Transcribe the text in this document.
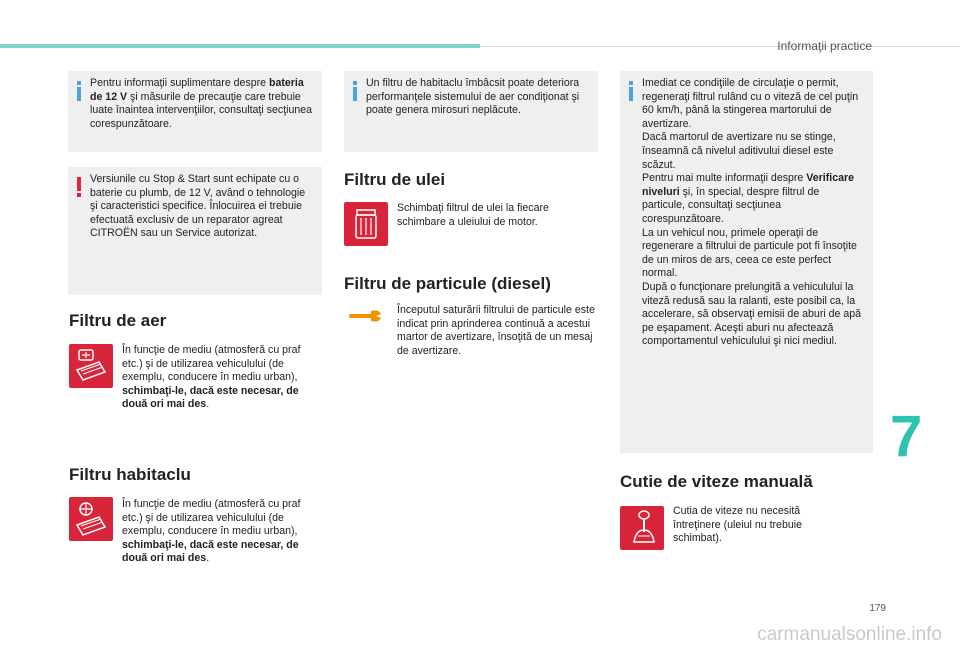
Informaţii practice
Pentru informaţii suplimentare despre bateria de 12 V şi măsurile de precauţie care trebuie luate înaintea intervenţiilor, consultaţi secţiunea corespunzătoare.
Versiunile cu Stop & Start sunt echipate cu o baterie cu plumb, de 12 V, având o tehnologie şi caracteristici specifice. Înlocuirea ei trebuie efectuată exclusiv de un reparator agreat CITROËN sau un Service autorizat.
Filtru de aer
În funcţie de mediu (atmosferă cu praf etc.) şi de utilizarea vehiculului (de exemplu, conducere în mediu urban), schimbaţi-le, dacă este necesar, de două ori mai des.
Filtru habitaclu
În funcţie de mediu (atmosferă cu praf etc.) şi de utilizarea vehiculului (de exemplu, conducere în mediu urban), schimbaţi-le, dacă este necesar, de două ori mai des.
Un filtru de habitaclu îmbâcsit poate deteriora performanţele sistemului de aer condiţionat şi poate genera mirosuri neplăcute.
Filtru de ulei
Schimbaţi filtrul de ulei la fiecare schimbare a uleiului de motor.
Filtru de particule (diesel)
Începutul saturării filtrului de particule este indicat prin aprinderea continuă a acestui martor de avertizare, însoţită de un mesaj de avertizare.
Imediat ce condiţiile de circulaţie o permit, regeneraţi filtrul rulând cu o viteză de cel puţin 60 km/h, până la stingerea martorului de avertizare.
Dacă martorul de avertizare nu se stinge, înseamnă că nivelul aditivului diesel este scăzut.
Pentru mai multe informaţii despre Verificare niveluri şi, în special, despre filtrul de particule, consultaţi secţiunea corespunzătoare.
La un vehicul nou, primele operaţii de regenerare a filtrului de particule pot fi însoţite de un miros de ars, ceea ce este perfect normal.
După o funcţionare prelungită a vehiculului la viteză redusă sau la ralanti, este posibil ca, la accelerare, să observaţi emisii de aburi de apă pe eşapament. Aceşti aburi nu afectează comportamentul vehiculului şi nici mediul.
Cutie de viteze manuală
Cutia de viteze nu necesită întreţinere (uleiul nu trebuie schimbat).
7
179
carmanualsonline.info
